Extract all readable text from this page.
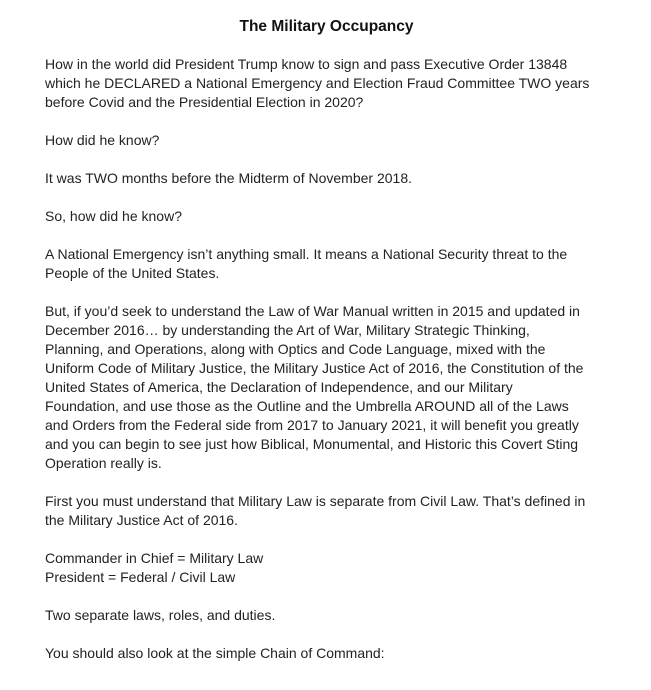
The Military Occupancy
How in the world did President Trump know to sign and pass Executive Order 13848
which he DECLARED a National Emergency and Election Fraud Committee TWO years
before Covid and the Presidential Election in 2020?
How did he know?
It was TWO months before the Midterm of November 2018.
So, how did he know?
A National Emergency isn’t anything small. It means a National Security threat to the
People of the United States.
But, if you’d seek to understand the Law of War Manual written in 2015 and updated in
December 2016… by understanding the Art of War, Military Strategic Thinking,
Planning, and Operations, along with Optics and Code Language, mixed with the
Uniform Code of Military Justice, the Military Justice Act of 2016, the Constitution of the
United States of America, the Declaration of Independence, and our Military
Foundation, and use those as the Outline and the Umbrella AROUND all of the Laws
and Orders from the Federal side from 2017 to January 2021, it will benefit you greatly
and you can begin to see just how Biblical, Monumental, and Historic this Covert Sting
Operation really is.
First you must understand that Military Law is separate from Civil Law. That’s defined in
the Military Justice Act of 2016.
Commander in Chief = Military Law
President = Federal / Civil Law
Two separate laws, roles, and duties.
You should also look at the simple Chain of Command:
